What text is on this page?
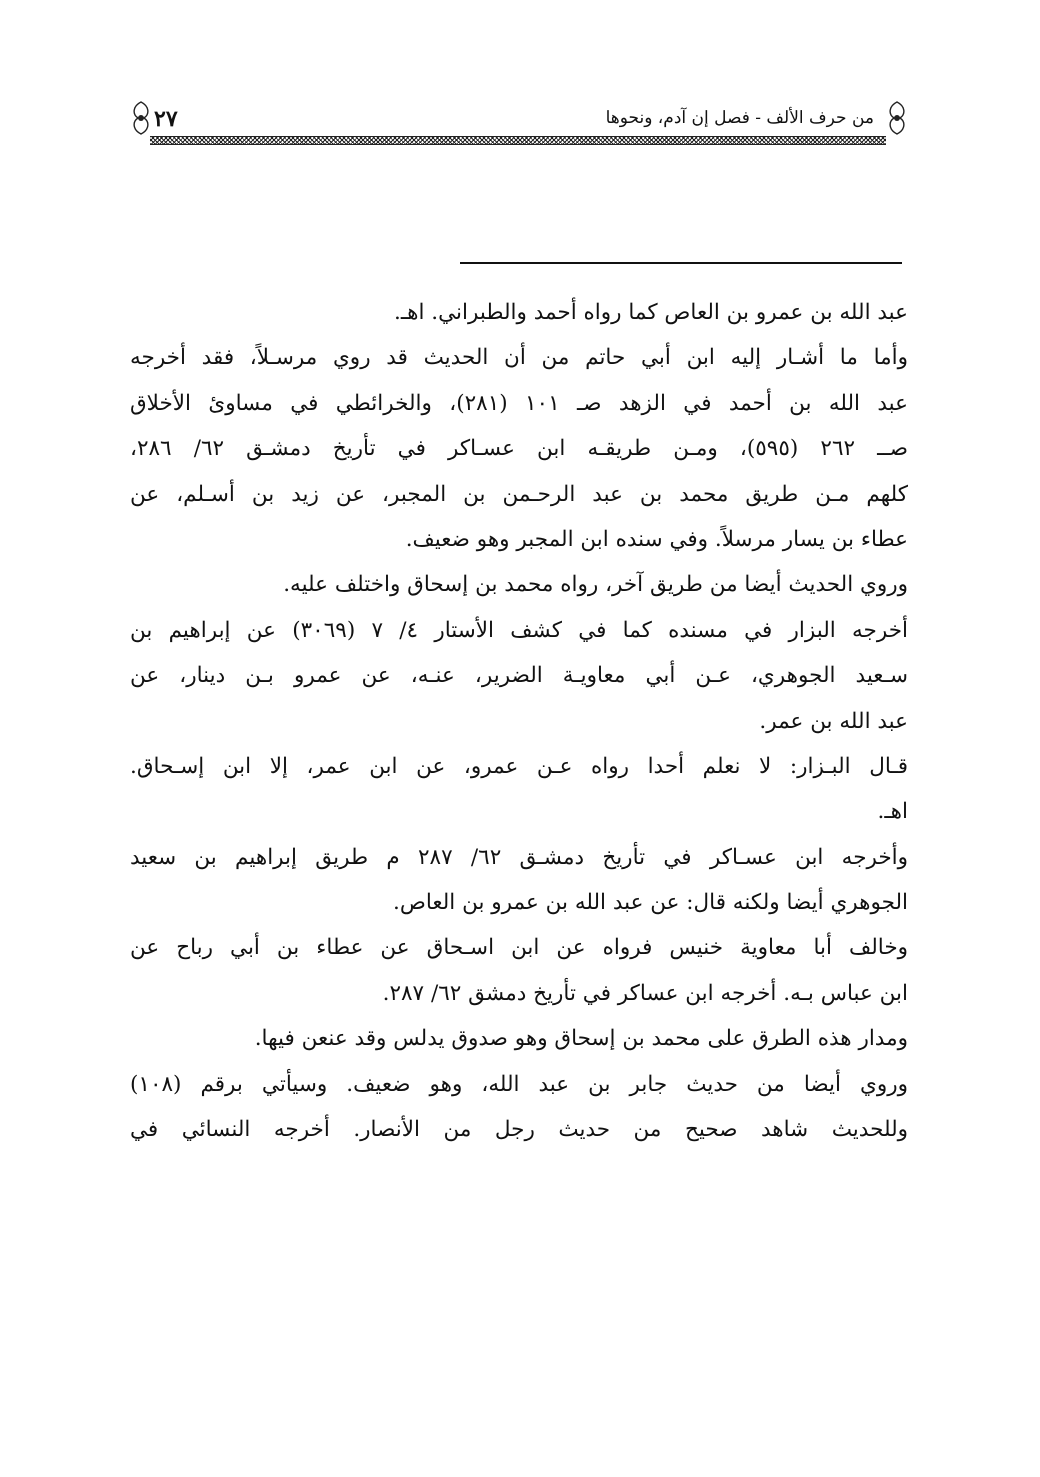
من حرف الألف - فصل إن آدم، ونحوها
٢٧
عبد الله بن عمرو بن العاص كما رواه أحمد والطبراني. اهـ.
وأما ما أشـار إليه ابن أبي حاتم من أن الحديث قد روي مرسـلاً، فقد أخرجه
عبد الله بن أحمد في الزهد صـ ١٠١ (٢٨١)، والخرائطي في مساوئ الأخلاق
صــ ٢٦٢ (٥٩٥)، ومـن طريقـه ابن عسـاكر في تأريخ دمشـق ٦٢/ ٢٨٦،
كلهم مـن طريق محمد بن عبد الرحـمن بن المجبر، عن زيد بن أسـلم، عن
عطاء بن يسار مرسلاً. وفي سنده ابن المجبر وهو ضعيف.
وروي الحديث أيضا من طريق آخر، رواه محمد بن إسحاق واختلف عليه.
أخرجه البزار في مسنده كما في كشف الأستار ٤/ ٧ (٣٠٦٩) عن إبراهيم بن
سـعيد الجوهري، عـن أبي معاويـة الضرير، عنـه، عن عمرو بـن دينار، عن
عبد الله بن عمر.
قـال البـزار: لا نعلم أحدا رواه عـن عمرو، عن ابن عمر، إلا ابن إسـحاق.
اهـ.
وأخرجه ابن عسـاكر في تأريخ دمشـق ٦٢/ ٢٨٧ م طريق إبراهيم بن سعيد
الجوهري أيضا ولكنه قال: عن عبد الله بن عمرو بن العاص.
وخالف أبا معاوية خنيس فرواه عن ابن اسـحاق عن عطاء بن أبي رباح عن
ابن عباس بـه. أخرجه ابن عساكر في تأريخ دمشق ٦٢/ ٢٨٧.
ومدار هذه الطرق على محمد بن إسحاق وهو صدوق يدلس وقد عنعن فيها.
وروي أيضا من حديث جابر بن عبد الله، وهو ضعيف. وسيأتي برقم (١٠٨)
وللحديث شاهد صحيح من حديث رجل من الأنصار. أخرجه النسائي في
